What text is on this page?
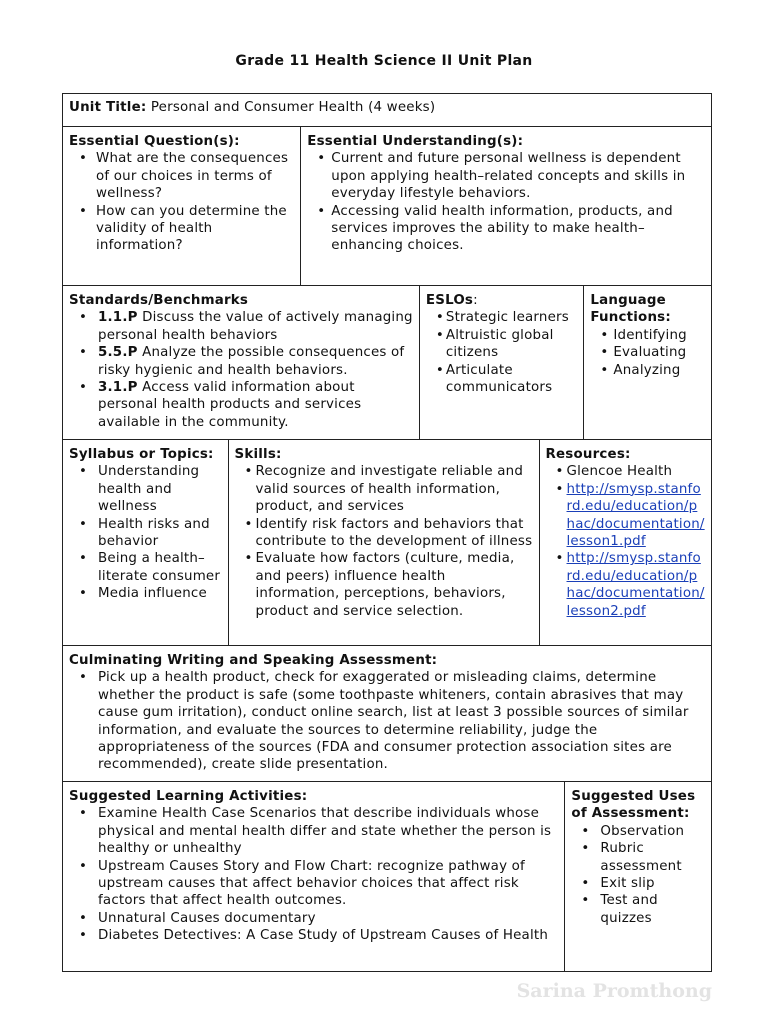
Grade 11 Health Science II Unit Plan
Unit Title: Personal and Consumer Health (4 weeks)
Essential Question(s):
• What are the consequences of our choices in terms of wellness?
• How can you determine the validity of health information?
Essential Understanding(s):
• Current and future personal wellness is dependent upon applying health–related concepts and skills in everyday lifestyle behaviors.
• Accessing valid health information, products, and services improves the ability to make health–enhancing choices.
Standards/Benchmarks
• 1.1.P Discuss the value of actively managing personal health behaviors
• 5.5.P Analyze the possible consequences of risky hygienic and health behaviors.
• 3.1.P Access valid information about personal health products and services available in the community.
ESLOs:
• Strategic learners
• Altruistic global citizens
• Articulate communicators
Language Functions:
• Identifying
• Evaluating
• Analyzing
Syllabus or Topics:
• Understanding health and wellness
• Health risks and behavior
• Being a health–literate consumer
• Media influence
Skills:
• Recognize and investigate reliable and valid sources of health information, product, and services
• Identify risk factors and behaviors that contribute to the development of illness
• Evaluate how factors (culture, media, and peers) influence health information, perceptions, behaviors, product and service selection.
Resources:
• Glencoe Health
• http://smysp.stanford.edu/education/phac/documentation/lesson1.pdf
• http://smysp.stanford.edu/education/phac/documentation/lesson2.pdf
Culminating Writing and Speaking Assessment:
• Pick up a health product, check for exaggerated or misleading claims, determine whether the product is safe (some toothpaste whiteners, contain abrasives that may cause gum irritation), conduct online search, list at least 3 possible sources of similar information, and evaluate the sources to determine reliability, judge the appropriateness of the sources (FDA and consumer protection association sites are recommended), create slide presentation.
Suggested Learning Activities:
• Examine Health Case Scenarios that describe individuals whose physical and mental health differ and state whether the person is healthy or unhealthy
• Upstream Causes Story and Flow Chart: recognize pathway of upstream causes that affect behavior choices that affect risk factors that affect health outcomes.
• Unnatural Causes documentary
• Diabetes Detectives: A Case Study of Upstream Causes of Health
Suggested Uses of Assessment:
• Observation
• Rubric assessment
• Exit slip
• Test and quizzes
Sarina Promthong
